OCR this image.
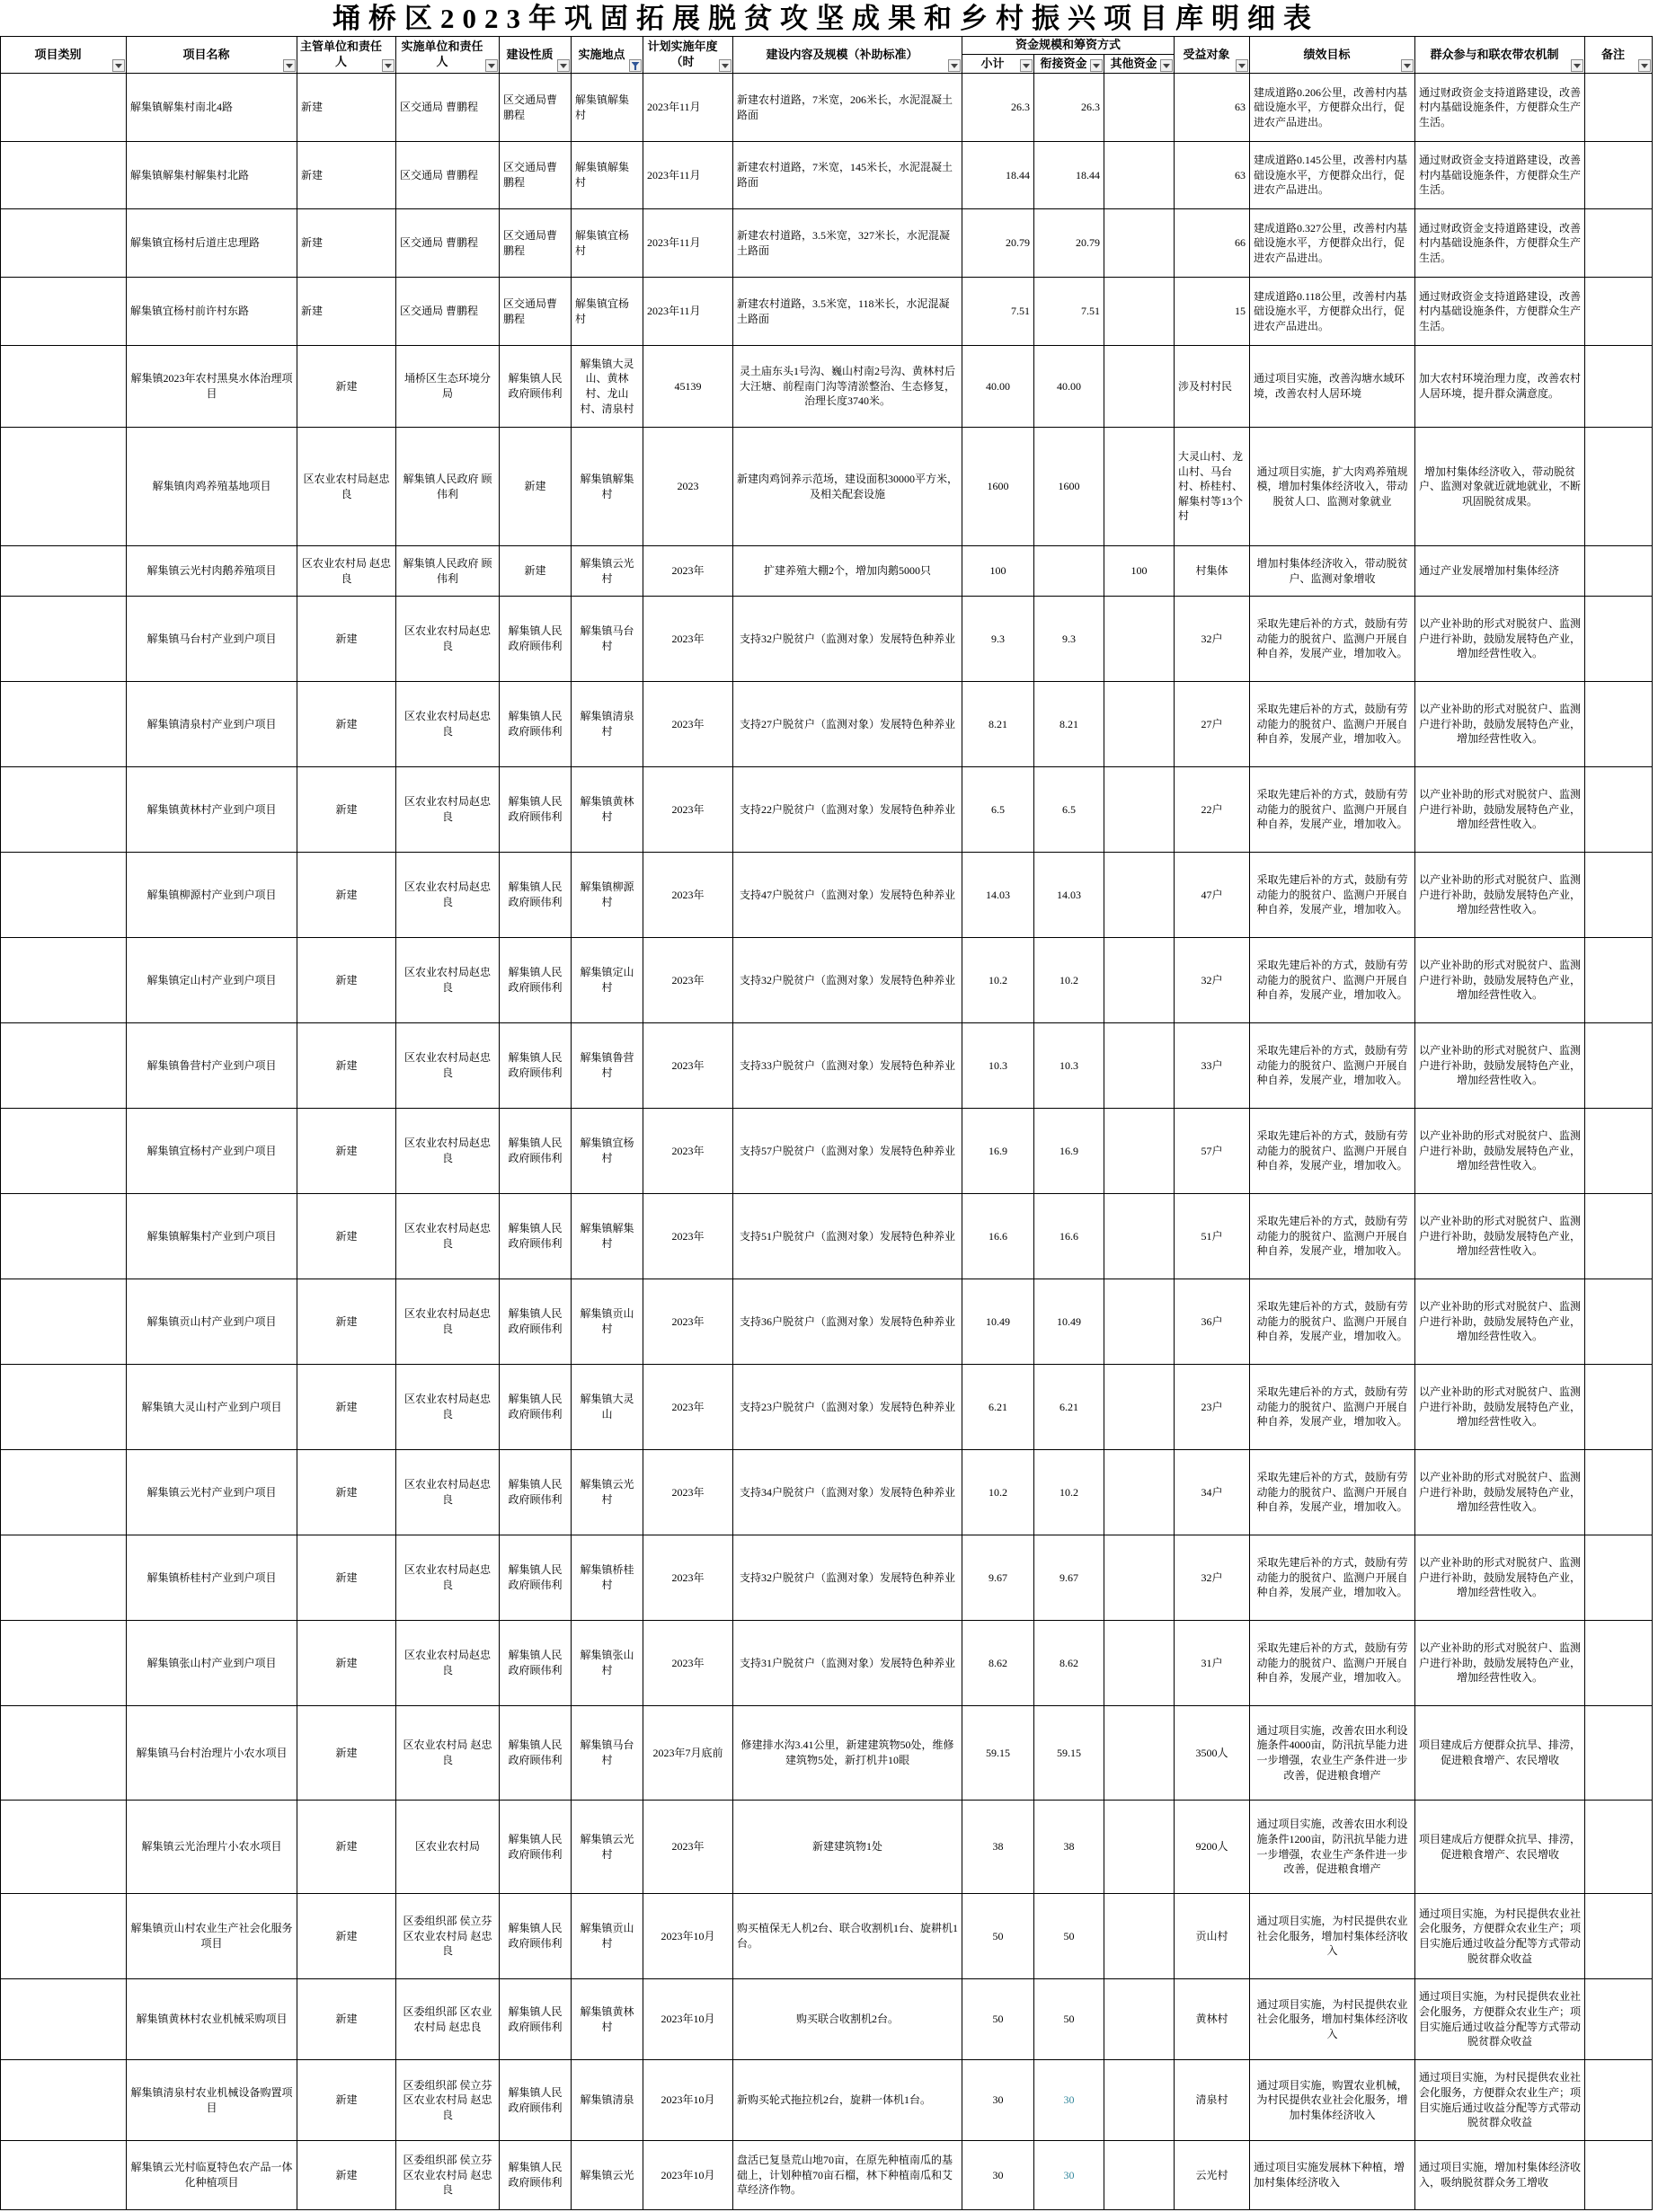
埇桥区2023年巩固拓展脱贫攻坚成果和乡村振兴项目库明细表
项目类别	项目名称	主管单位和责任人	实施单位和责任人	建设性质	实施地点	计划实施年度（时	建设内容及规模（补助标准）	资金规模和筹资方式			受益对象	绩效目标	群众参与和联农带农机制	备注

								小计	衔接资金	其他资金				

	解集镇解集村南北4路	新建	区交通局 曹鹏程	区交通局曹鹏程	解集镇解集村	2023年11月	新建农村道路，7米宽，206米长，水泥混凝土路面	26.3	26.3		63	建成道路0.206公里，改善村内基础设施水平，方便群众出行，促进农产品进出。	通过财政资金支持道路建设，改善村内基础设施条件，方便群众生产生活。	
	解集镇解集村解集村北路	新建	区交通局 曹鹏程	区交通局曹鹏程	解集镇解集村	2023年11月	新建农村道路，7米宽，145米长，水泥混凝土路面	18.44	18.44		63	建成道路0.145公里，改善村内基础设施水平，方便群众出行，促进农产品进出。	通过财政资金支持道路建设，改善村内基础设施条件，方便群众生产生活。	
	解集镇宜杨村后道庄忠理路	新建	区交通局 曹鹏程	区交通局曹鹏程	解集镇宜杨村	2023年11月	新建农村道路，3.5米宽，327米长，水泥混凝土路面	20.79	20.79		66	建成道路0.327公里，改善村内基础设施水平，方便群众出行，促进农产品进出。	通过财政资金支持道路建设，改善村内基础设施条件，方便群众生产生活。	
	解集镇宜杨村前许村东路	新建	区交通局 曹鹏程	区交通局曹鹏程	解集镇宜杨村	2023年11月	新建农村道路，3.5米宽，118米长，水泥混凝土路面	7.51	7.51		15	建成道路0.118公里，改善村内基础设施水平，方便群众出行，促进农产品进出。	通过财政资金支持道路建设，改善村内基础设施条件，方便群众生产生活。	
	解集镇2023年农村黑臭水体治理项目	新建	埇桥区生态环境分局	解集镇人民政府顾伟利	解集镇大灵山、黄林村、龙山村、清泉村	45139	灵土庙东头1号沟、巍山村南2号沟、黄林村后大汪塘、前程南门沟等清淤整治、生态修复，治理长度3740米。	40.00	40.00		涉及村村民	通过项目实施，改善沟塘水域环境，改善农村人居环境	加大农村环境治理力度，改善农村人居环境，提升群众满意度。	
	解集镇肉鸡养殖基地项目	区农业农村局赵忠良	解集镇人民政府 顾伟利	新建	解集镇解集村	2023	新建肉鸡饲养示范场，建设面积30000平方米，及相关配套设施	1600	1600		大灵山村、龙山村、马台村、桥桂村、解集村等13个村	通过项目实施，扩大肉鸡养殖规模，增加村集体经济收入，带动脱贫人口、监测对象就业	增加村集体经济收入，带动脱贫户、监测对象就近就地就业，不断巩固脱贫成果。	
	解集镇云光村肉鹅养殖项目	区农业农村局 赵忠良	解集镇人民政府 顾伟利	新建	解集镇云光村	2023年	扩建养殖大棚2个，增加肉鹅5000只	100		100	村集体	增加村集体经济收入，带动脱贫户、监测对象增收	通过产业发展增加村集体经济	
	解集镇马台村产业到户项目	新建	区农业农村局赵忠良	解集镇人民政府顾伟利	解集镇马台村	2023年	支持32户脱贫户（监测对象）发展特色种养业	9.3	9.3		32户	采取先建后补的方式，鼓励有劳动能力的脱贫户、监测户开展自种自养，发展产业，增加收入。	以产业补助的形式对脱贫户、监测户进行补助，鼓励发展特色产业，增加经营性收入。	
	解集镇清泉村产业到户项目	新建	区农业农村局赵忠良	解集镇人民政府顾伟利	解集镇清泉村	2023年	支持27户脱贫户（监测对象）发展特色种养业	8.21	8.21		27户	采取先建后补的方式，鼓励有劳动能力的脱贫户、监测户开展自种自养，发展产业，增加收入。	以产业补助的形式对脱贫户、监测户进行补助，鼓励发展特色产业，增加经营性收入。	
	解集镇黄林村产业到户项目	新建	区农业农村局赵忠良	解集镇人民政府顾伟利	解集镇黄林村	2023年	支持22户脱贫户（监测对象）发展特色种养业	6.5	6.5		22户	采取先建后补的方式，鼓励有劳动能力的脱贫户、监测户开展自种自养，发展产业，增加收入。	以产业补助的形式对脱贫户、监测户进行补助，鼓励发展特色产业，增加经营性收入。	
	解集镇柳源村产业到户项目	新建	区农业农村局赵忠良	解集镇人民政府顾伟利	解集镇柳源村	2023年	支持47户脱贫户（监测对象）发展特色种养业	14.03	14.03		47户	采取先建后补的方式，鼓励有劳动能力的脱贫户、监测户开展自种自养，发展产业，增加收入。	以产业补助的形式对脱贫户、监测户进行补助，鼓励发展特色产业，增加经营性收入。	
	解集镇定山村产业到户项目	新建	区农业农村局赵忠良	解集镇人民政府顾伟利	解集镇定山村	2023年	支持32户脱贫户（监测对象）发展特色种养业	10.2	10.2		32户	采取先建后补的方式，鼓励有劳动能力的脱贫户、监测户开展自种自养，发展产业，增加收入。	以产业补助的形式对脱贫户、监测户进行补助，鼓励发展特色产业，增加经营性收入。	
	解集镇鲁营村产业到户项目	新建	区农业农村局赵忠良	解集镇人民政府顾伟利	解集镇鲁营村	2023年	支持33户脱贫户（监测对象）发展特色种养业	10.3	10.3		33户	采取先建后补的方式，鼓励有劳动能力的脱贫户、监测户开展自种自养，发展产业，增加收入。	以产业补助的形式对脱贫户、监测户进行补助，鼓励发展特色产业，增加经营性收入。	
	解集镇宜杨村产业到户项目	新建	区农业农村局赵忠良	解集镇人民政府顾伟利	解集镇宜杨村	2023年	支持57户脱贫户（监测对象）发展特色种养业	16.9	16.9		57户	采取先建后补的方式，鼓励有劳动能力的脱贫户、监测户开展自种自养，发展产业，增加收入。	以产业补助的形式对脱贫户、监测户进行补助，鼓励发展特色产业，增加经营性收入。	
	解集镇解集村产业到户项目	新建	区农业农村局赵忠良	解集镇人民政府顾伟利	解集镇解集村	2023年	支持51户脱贫户（监测对象）发展特色种养业	16.6	16.6		51户	采取先建后补的方式，鼓励有劳动能力的脱贫户、监测户开展自种自养，发展产业，增加收入。	以产业补助的形式对脱贫户、监测户进行补助，鼓励发展特色产业，增加经营性收入。	
	解集镇贡山村产业到户项目	新建	区农业农村局赵忠良	解集镇人民政府顾伟利	解集镇贡山村	2023年	支持36户脱贫户（监测对象）发展特色种养业	10.49	10.49		36户	采取先建后补的方式，鼓励有劳动能力的脱贫户、监测户开展自种自养，发展产业，增加收入。	以产业补助的形式对脱贫户、监测户进行补助，鼓励发展特色产业，增加经营性收入。	
	解集镇大灵山村产业到户项目	新建	区农业农村局赵忠良	解集镇人民政府顾伟利	解集镇大灵山	2023年	支持23户脱贫户（监测对象）发展特色种养业	6.21	6.21		23户	采取先建后补的方式，鼓励有劳动能力的脱贫户、监测户开展自种自养，发展产业，增加收入。	以产业补助的形式对脱贫户、监测户进行补助，鼓励发展特色产业，增加经营性收入。	
	解集镇云光村产业到户项目	新建	区农业农村局赵忠良	解集镇人民政府顾伟利	解集镇云光村	2023年	支持34户脱贫户（监测对象）发展特色种养业	10.2	10.2		34户	采取先建后补的方式，鼓励有劳动能力的脱贫户、监测户开展自种自养，发展产业，增加收入。	以产业补助的形式对脱贫户、监测户进行补助，鼓励发展特色产业，增加经营性收入。	
	解集镇桥桂村产业到户项目	新建	区农业农村局赵忠良	解集镇人民政府顾伟利	解集镇桥桂村	2023年	支持32户脱贫户（监测对象）发展特色种养业	9.67	9.67		32户	采取先建后补的方式，鼓励有劳动能力的脱贫户、监测户开展自种自养，发展产业，增加收入。	以产业补助的形式对脱贫户、监测户进行补助，鼓励发展特色产业，增加经营性收入。	
	解集镇张山村产业到户项目	新建	区农业农村局赵忠良	解集镇人民政府顾伟利	解集镇张山村	2023年	支持31户脱贫户（监测对象）发展特色种养业	8.62	8.62		31户	采取先建后补的方式，鼓励有劳动能力的脱贫户、监测户开展自种自养，发展产业，增加收入。	以产业补助的形式对脱贫户、监测户进行补助，鼓励发展特色产业，增加经营性收入。	
	解集镇马台村治理片小农水项目	新建	区农业农村局 赵忠良	解集镇人民政府顾伟利	解集镇马台村	2023年7月底前	修建排水沟3.41公里，新建建筑物50处，维修建筑物5处，新打机井10眼	59.15	59.15		3500人	通过项目实施，改善农田水利设施条件4000亩，防汛抗旱能力进一步增强，农业生产条件进一步改善，促进粮食增产	项目建成后方便群众抗旱、排涝，促进粮食增产、农民增收	
	解集镇云光治理片小农水项目	新建	区农业农村局	解集镇人民政府顾伟利	解集镇云光村	2023年	新建建筑物1处	38	38		9200人	通过项目实施，改善农田水利设施条件1200亩，防汛抗旱能力进一步增强，农业生产条件进一步改善，促进粮食增产	项目建成后方便群众抗旱、排涝，促进粮食增产、农民增收	
	解集镇贡山村农业生产社会化服务项目	新建	区委组织部 侯立芬 区农业农村局 赵忠良	解集镇人民政府顾伟利	解集镇贡山村	2023年10月	购买植保无人机2台、联合收割机1台、旋耕机1台。	50	50		贡山村	通过项目实施，为村民提供农业社会化服务，增加村集体经济收入	通过项目实施，为村民提供农业社会化服务，方便群众农业生产；项目实施后通过收益分配等方式带动脱贫群众收益	
	解集镇黄林村农业机械采购项目	新建	区委组织部 区农业农村局 赵忠良	解集镇人民政府顾伟利	解集镇黄林村	2023年10月	购买联合收割机2台。	50	50		黄林村	通过项目实施，为村民提供农业社会化服务，增加村集体经济收入	通过项目实施，为村民提供农业社会化服务，方便群众农业生产；项目实施后通过收益分配等方式带动脱贫群众收益	
	解集镇清泉村农业机械设备购置项目	新建	区委组织部 侯立芬 区农业农村局 赵忠良	解集镇人民政府顾伟利	解集镇清泉	2023年10月	新购买轮式拖拉机2台，旋耕一体机1台。	30	30		清泉村	通过项目实施，购置农业机械，为村民提供农业社会化服务，增加村集体经济收入	通过项目实施，为村民提供农业社会化服务，方便群众农业生产；项目实施后通过收益分配等方式带动脱贫群众收益	
	解集镇云光村临夏特色农产品一体化种植项目	新建	区委组织部 侯立芬 区农业农村局 赵忠良	解集镇人民政府顾伟利	解集镇云光	2023年10月	盘活已复垦荒山地70亩，在原先种植南瓜的基础上，计划种植70亩石榴，林下种植南瓜和艾草经济作物。	30	30		云光村	通过项目实施发展林下种植，增加村集体经济收入	通过项目实施，增加村集体经济收入，吸纳脱贫群众务工增收	
